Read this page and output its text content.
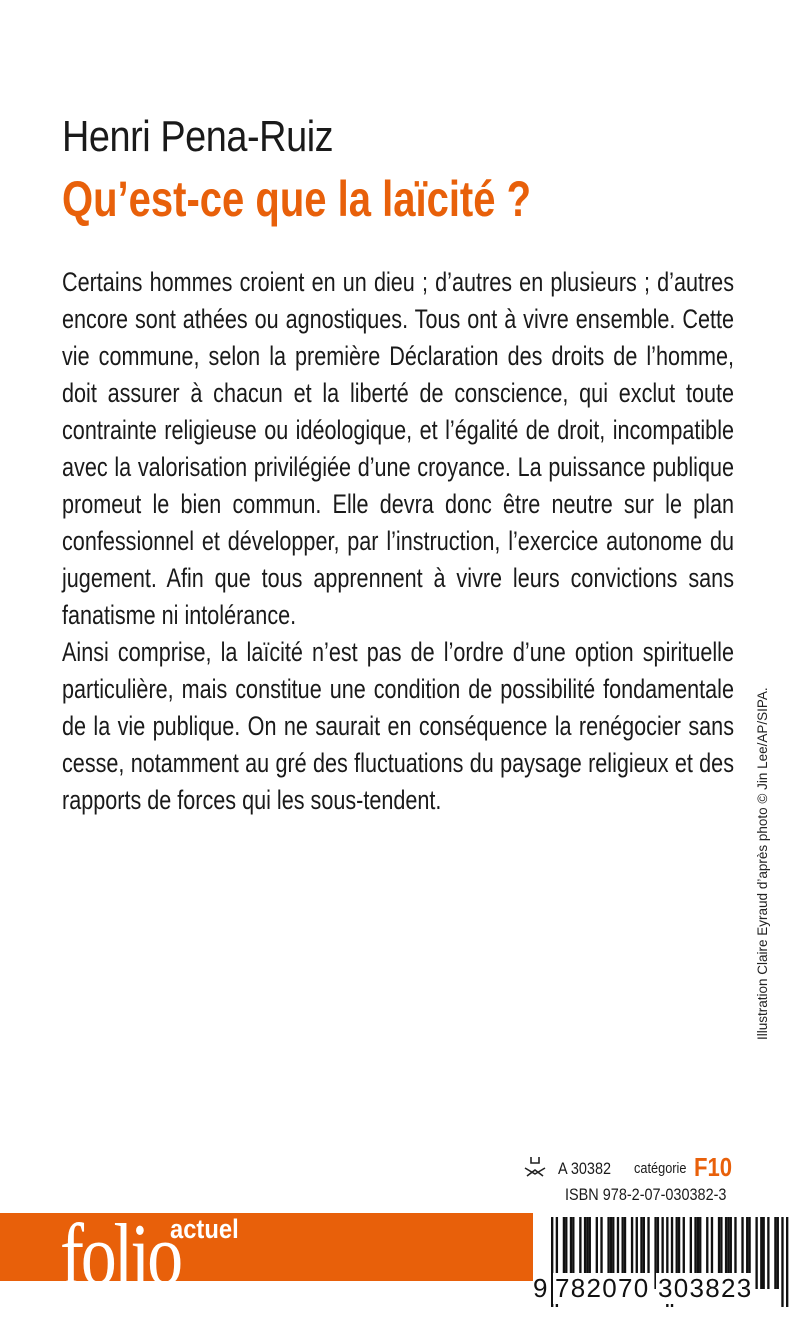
Henri Pena-Ruiz
Qu’est-ce que la laïcité ?

Certains hommes croient en un dieu ; d’autres en plusieurs ; d’autres encore sont athées ou agnostiques. Tous ont à vivre ensemble. Cette vie commune, selon la première Déclaration des droits de l’homme, doit assurer à chacun et la liberté de conscience, qui exclut toute contrainte religieuse ou idéologique, et l’égalité de droit, incompatible avec la valorisation privilégiée d’une croyance. La puissance publique promeut le bien commun. Elle devra donc être neutre sur le plan confessionnel et développer, par l’instruction, l’exercice autonome du jugement. Afin que tous apprennent à vivre leurs convictions sans fanatisme ni intolérance.

Ainsi comprise, la laïcité n’est pas de l’ordre d’une option spirituelle particulière, mais constitue une condition de possibilité fondamentale de la vie publique. On ne saurait en conséquence la renégocier sans cesse, notamment au gré des fluctuations du paysage religieux et des rapports de forces qui les sous-tendent.	Illustration Claire Eyraud d’après photo © Jin Lee/AP/SIPA.
A 30382 catégorie F10
ISBN 978-2-07-030382-3
folio
actuel
9 782070 303823
